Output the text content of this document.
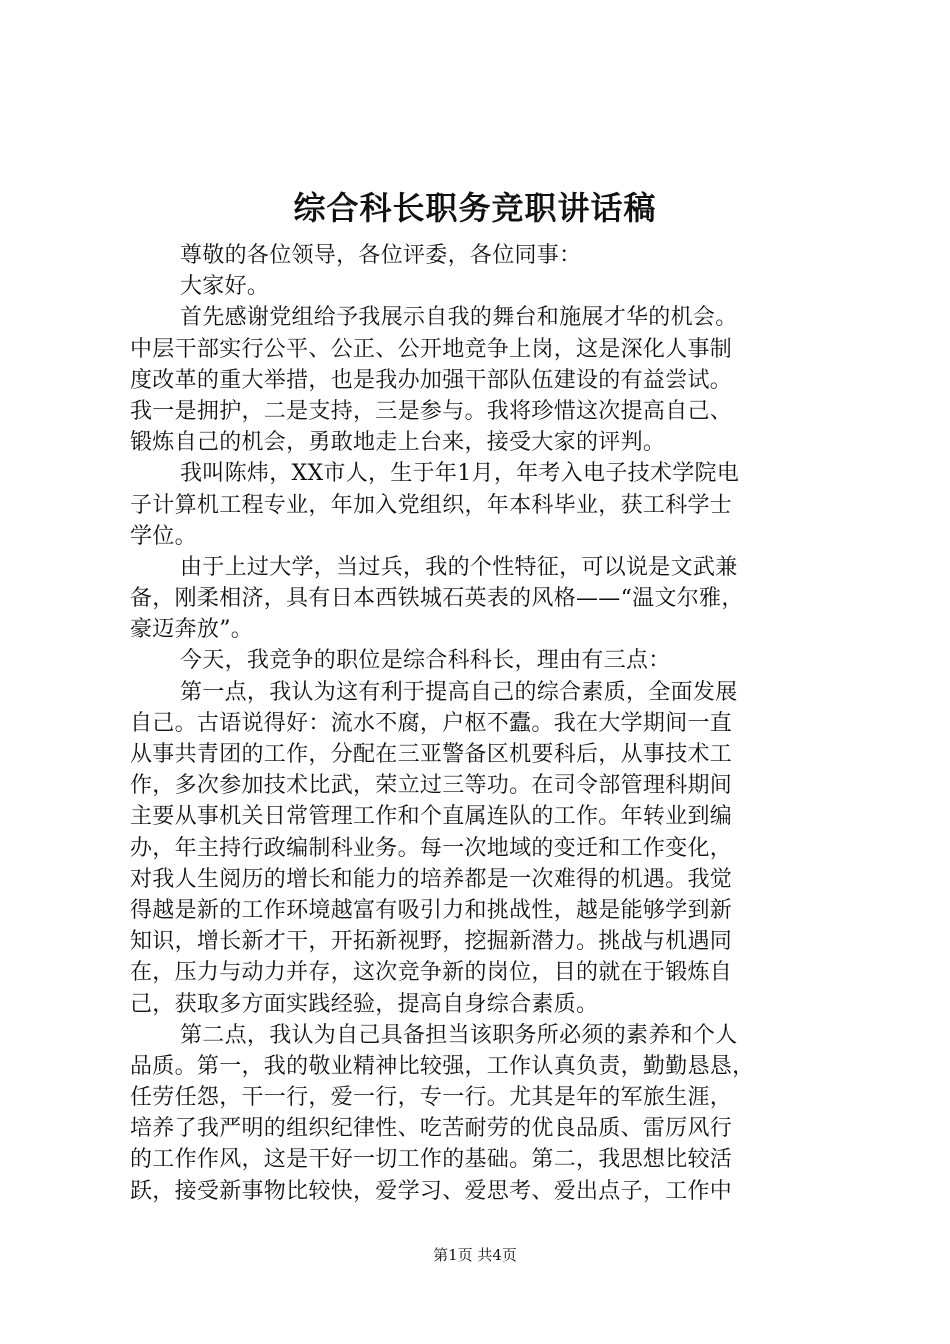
综合科长职务竞职讲话稿
尊敬的各位领导，各位评委，各位同事：
大家好。
首先感谢党组给予我展示自我的舞台和施展才华的机会。
中层干部实行公平、公正、公开地竞争上岗，这是深化人事制
度改革的重大举措，也是我办加强干部队伍建设的有益尝试。
我一是拥护，二是支持，三是参与。我将珍惜这次提高自己、
锻炼自己的机会，勇敢地走上台来，接受大家的评判。
我叫陈炜，XX市人，生于年1月，年考入电子技术学院电
子计算机工程专业，年加入党组织，年本科毕业，获工科学士
学位。
由于上过大学，当过兵，我的个性特征，可以说是文武兼
备，刚柔相济，具有日本西铁城石英表的风格——“温文尔雅，
豪迈奔放”。
今天，我竞争的职位是综合科科长，理由有三点：
第一点，我认为这有利于提高自己的综合素质，全面发展
自己。古语说得好：流水不腐，户枢不蠹。我在大学期间一直
从事共青团的工作，分配在三亚警备区机要科后，从事技术工
作，多次参加技术比武，荣立过三等功。在司令部管理科期间
主要从事机关日常管理工作和个直属连队的工作。年转业到编
办，年主持行政编制科业务。每一次地域的变迁和工作变化，
对我人生阅历的增长和能力的培养都是一次难得的机遇。我觉
得越是新的工作环境越富有吸引力和挑战性，越是能够学到新
知识，增长新才干，开拓新视野，挖掘新潜力。挑战与机遇同
在，压力与动力并存，这次竞争新的岗位，目的就在于锻炼自
己，获取多方面实践经验，提高自身综合素质。
第二点，我认为自己具备担当该职务所必须的素养和个人
品质。第一，我的敬业精神比较强，工作认真负责，勤勤恳恳，
任劳任怨，干一行，爱一行，专一行。尤其是年的军旅生涯，
培养了我严明的组织纪律性、吃苦耐劳的优良品质、雷厉风行
的工作作风，这是干好一切工作的基础。第二，我思想比较活
跃，接受新事物比较快，爱学习、爱思考、爱出点子，工作中
第1页 共4页
